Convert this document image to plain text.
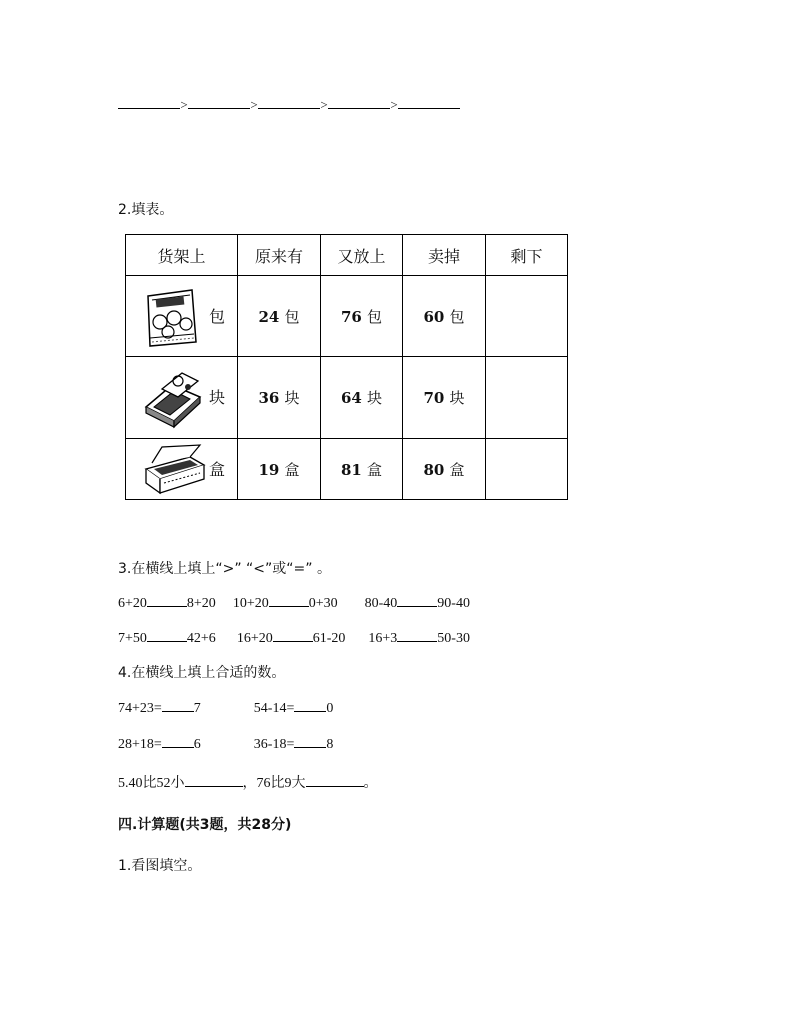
>	>	>	>
2.填表。
货架上	原来有	又放上	卖掉	剩下

包	24 包	76 包	60 包	

块	36 块	64 块	70 块	

盒	19 盒	81 盒	80 盒	
3.在横线上填上“>” “<”或“=” 。
6+20	8+20 10+20	0+30 80-40	90-40
7+50	42+6 16+20	61-20 16+3	50-30
4.在横线上填上合适的数。
74+23= 7	54-14= 0
28+18= 6	36-18= 8
5.40比52小	，76比9大	。
四.计算题(共3题，共28分)
1.看图填空。
